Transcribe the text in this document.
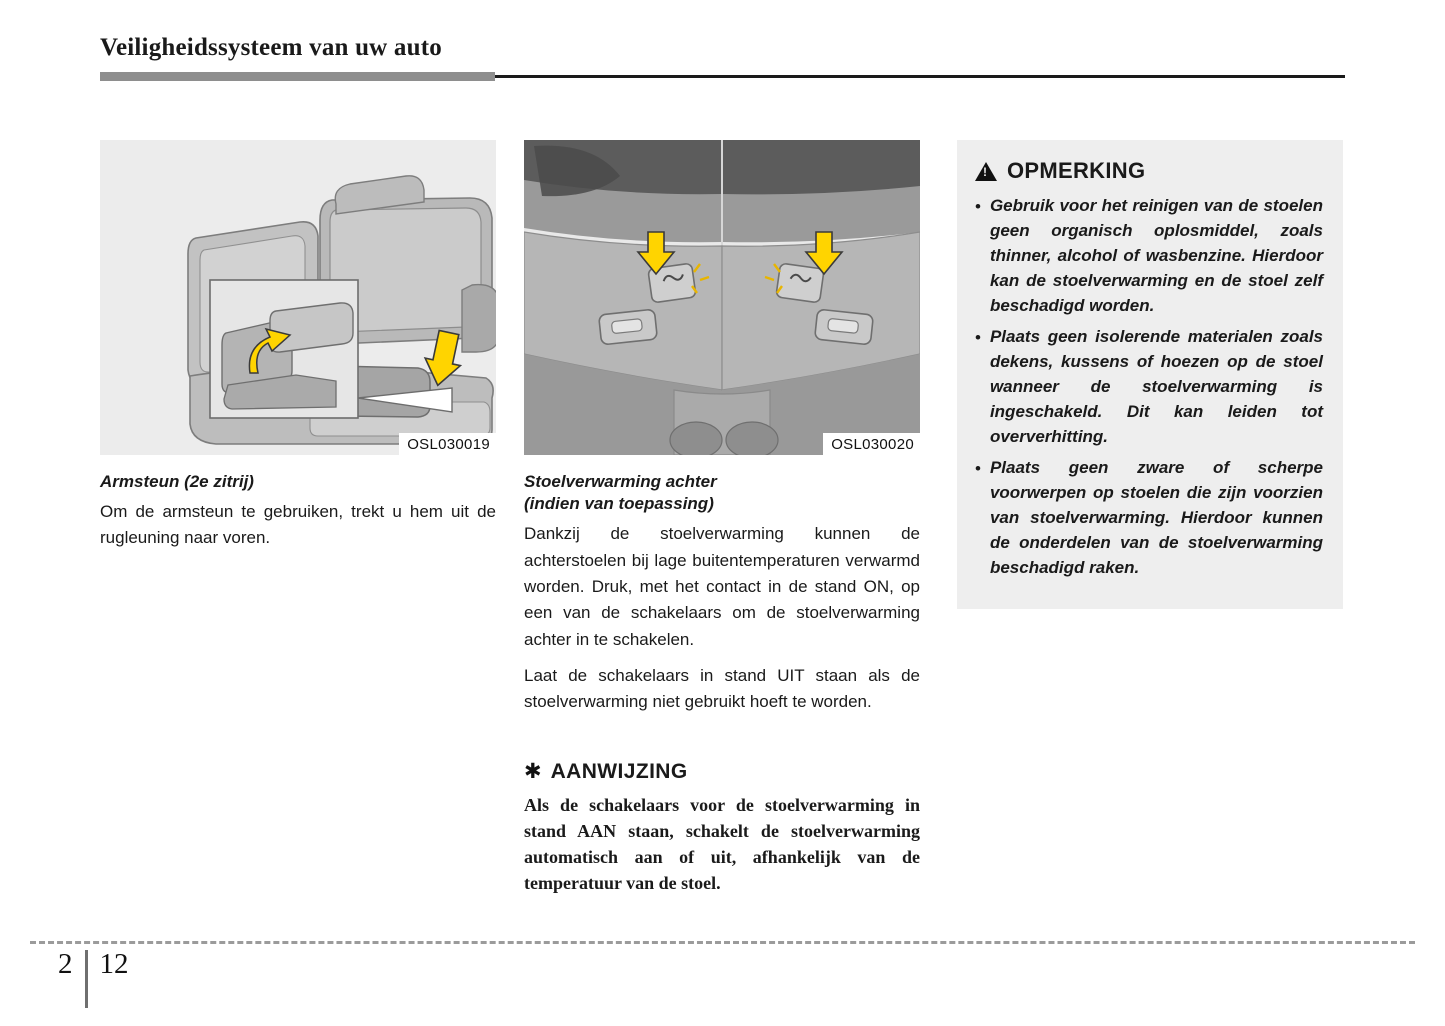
Veiligheidssysteem van uw auto
OSL030019
Armsteun (2e zitrij)
Om de armsteun te gebruiken, trekt u hem uit de rugleuning naar voren.
OSL030020
Stoelverwarming achter
(indien van toepassing)
Dankzij de stoelverwarming kunnen de achterstoelen bij lage buitentemperaturen verwarmd worden. Druk, met het contact in de stand ON, op een van de schakelaars om de stoelverwarming achter in te schakelen.
Laat de schakelaars in stand UIT staan als de stoelverwarming niet gebruikt hoeft te worden.
✱ AANWIJZING
Als de schakelaars voor de stoelverwarming in stand AAN staan, schakelt de stoelverwarming automatisch aan of uit, afhankelijk van de temperatuur van de stoel.
!
OPMERKING
• Gebruik voor het reinigen van de stoelen geen organisch oplosmiddel, zoals thinner, alcohol of wasbenzine. Hierdoor kan de stoelverwarming en de stoel zelf beschadigd worden.
• Plaats geen isolerende materialen zoals dekens, kussens of hoezen op de stoel wanneer de stoelverwarming is ingeschakeld. Dit kan leiden tot oververhitting.
• Plaats geen zware of scherpe voorwerpen op stoelen die zijn voorzien van stoelverwarming. Hierdoor kunnen de onderdelen van de stoelverwarming beschadigd raken.
2 12
